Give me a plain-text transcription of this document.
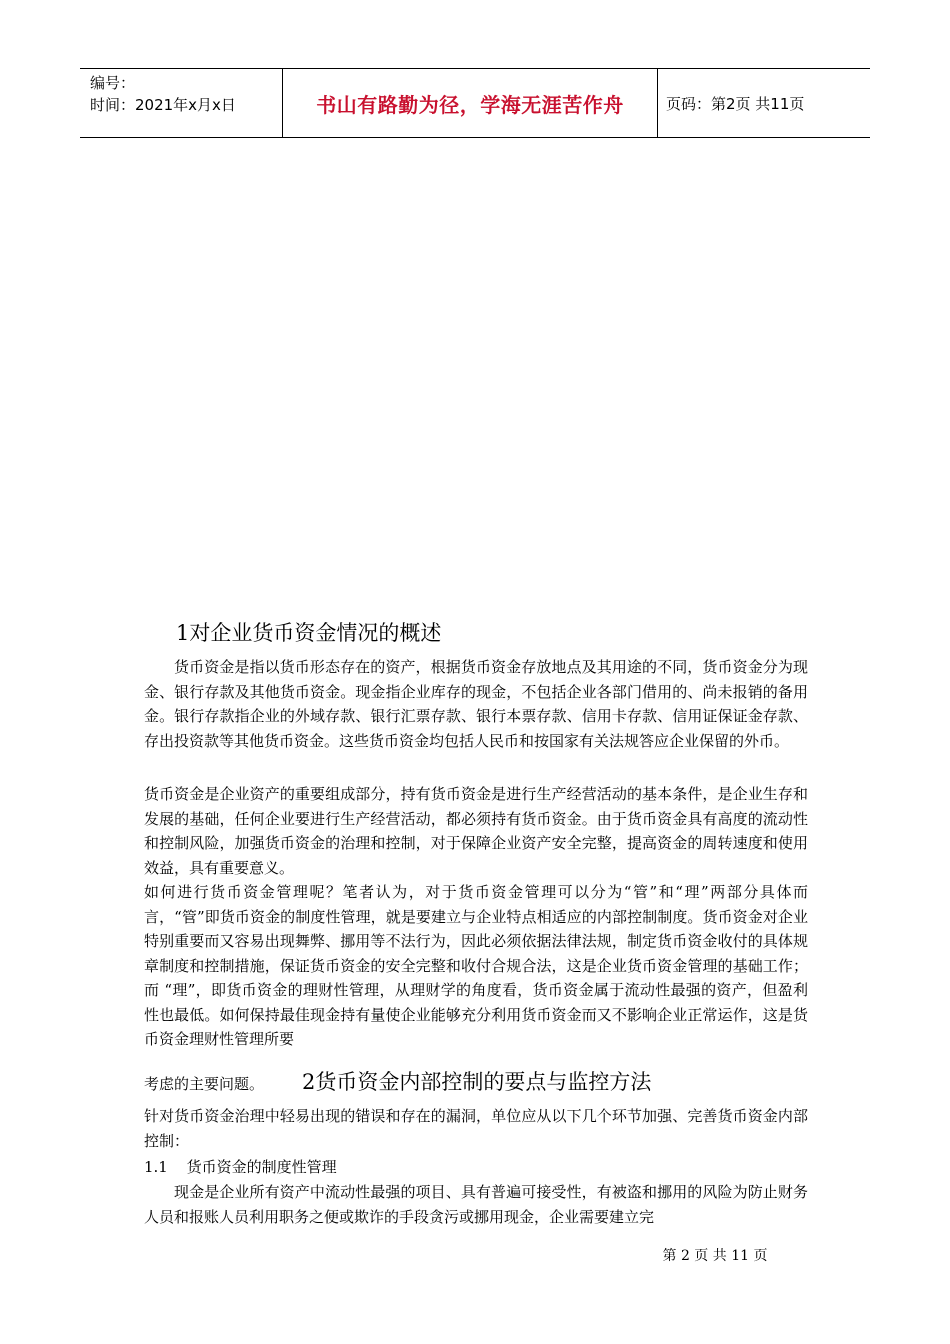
编号：
时间：2021年x月x日	书山有路勤为径，学海无涯苦作舟	页码：第2页 共11页
1对企业货币资金情况的概述

货币资金是指以货币形态存在的资产，根据货币资金存放地点及其用途的不同，货币资金分为现金、银行存款及其他货币资金。现金指企业库存的现金，不包括企业各部门借用的、尚未报销的备用金。银行存款指企业的外域存款、银行汇票存款、银行本票存款、信用卡存款、信用证保证金存款、存出投资款等其他货币资金。这些货币资金均包括人民币和按国家有关法规答应企业保留的外币。

货币资金是企业资产的重要组成部分，持有货币资金是进行生产经营活动的基本条件，是企业生存和发展的基础，任何企业要进行生产经营活动，都必须持有货币资金。由于货币资金具有高度的流动性和控制风险，加强货币资金的治理和控制，对于保障企业资产安全完整，提高资金的周转速度和使用效益，具有重要意义。

如何进行货币资金管理呢？笔者认为，对于货币资金管理可以分为“管”和“理”两部分具体而言，“管”即货币资金的制度性管理，就是要建立与企业特点相适应的内部控制制度。货币资金对企业特别重要而又容易出现舞弊、挪用等不法行为，因此必须依据法律法规，制定货币资金收付的具体规章制度和控制措施，保证货币资金的安全完整和收付合规合法，这是企业货币资金管理的基础工作；而 “理”，即货币资金的理财性管理，从理财学的角度看，货币资金属于流动性最强的资产，但盈利性也最低。如何保持最佳现金持有量使企业能够充分利用货币资金而又不影响企业正常运作，这是货币资金理财性管理所要

考虑的主要问题。 2货币资金内部控制的要点与监控方法

针对货币资金治理中轻易出现的错误和存在的漏洞，单位应从以下几个环节加强、完善货币资金内部控制：

1.1 货币资金的制度性管理

现金是企业所有资产中流动性最强的项目、具有普遍可接受性，有被盗和挪用的风险为防止财务人员和报账人员利用职务之便或欺诈的手段贪污或挪用现金，企业需要建立完

第 2 页 共 11 页
